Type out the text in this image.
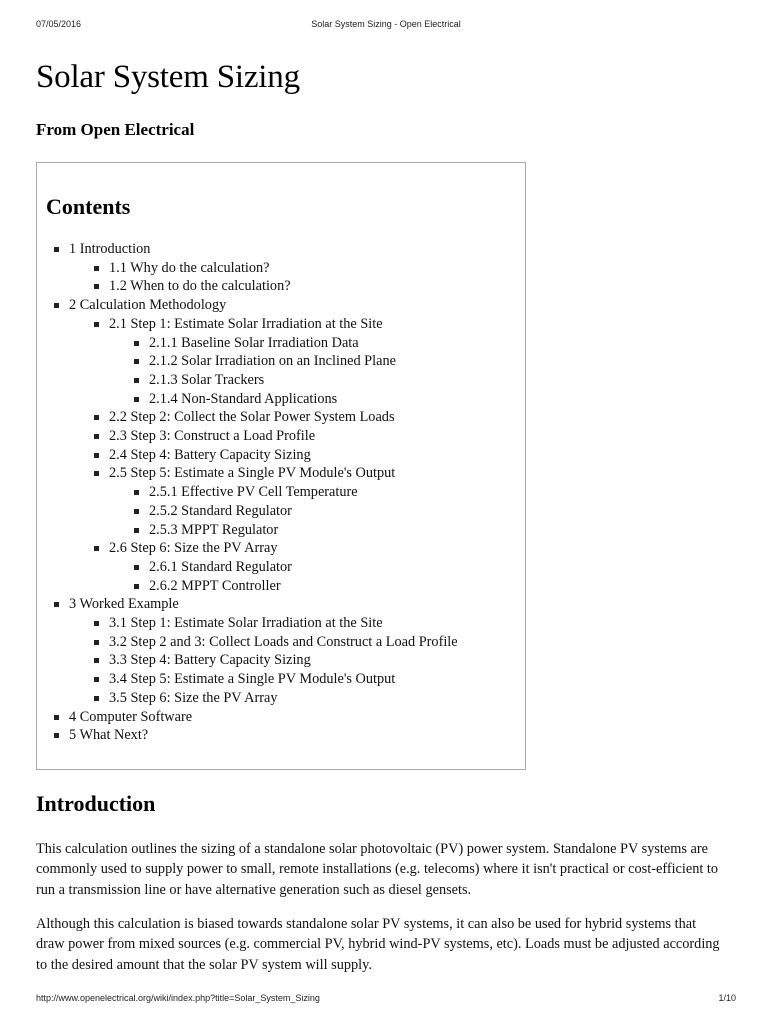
07/05/2016	Solar System Sizing - Open Electrical
Solar System Sizing
From Open Electrical
Contents
1 Introduction
1.1 Why do the calculation?
1.2 When to do the calculation?
2 Calculation Methodology
2.1 Step 1: Estimate Solar Irradiation at the Site
2.1.1 Baseline Solar Irradiation Data
2.1.2 Solar Irradiation on an Inclined Plane
2.1.3 Solar Trackers
2.1.4 Non-Standard Applications
2.2 Step 2: Collect the Solar Power System Loads
2.3 Step 3: Construct a Load Profile
2.4 Step 4: Battery Capacity Sizing
2.5 Step 5: Estimate a Single PV Module's Output
2.5.1 Effective PV Cell Temperature
2.5.2 Standard Regulator
2.5.3 MPPT Regulator
2.6 Step 6: Size the PV Array
2.6.1 Standard Regulator
2.6.2 MPPT Controller
3 Worked Example
3.1 Step 1: Estimate Solar Irradiation at the Site
3.2 Step 2 and 3: Collect Loads and Construct a Load Profile
3.3 Step 4: Battery Capacity Sizing
3.4 Step 5: Estimate a Single PV Module's Output
3.5 Step 6: Size the PV Array
4 Computer Software
5 What Next?
Introduction

This calculation outlines the sizing of a standalone solar photovoltaic (PV) power system. Standalone PV systems are commonly used to supply power to small, remote installations (e.g. telecoms) where it isn't practical or cost-efficient to run a transmission line or have alternative generation such as diesel gensets.

Although this calculation is biased towards standalone solar PV systems, it can also be used for hybrid systems that draw power from mixed sources (e.g. commercial PV, hybrid wind-PV systems, etc). Loads must be adjusted according to the desired amount that the solar PV system will supply.

http://www.openelectrical.org/wiki/index.php?title=Solar_System_Sizing	1/10
